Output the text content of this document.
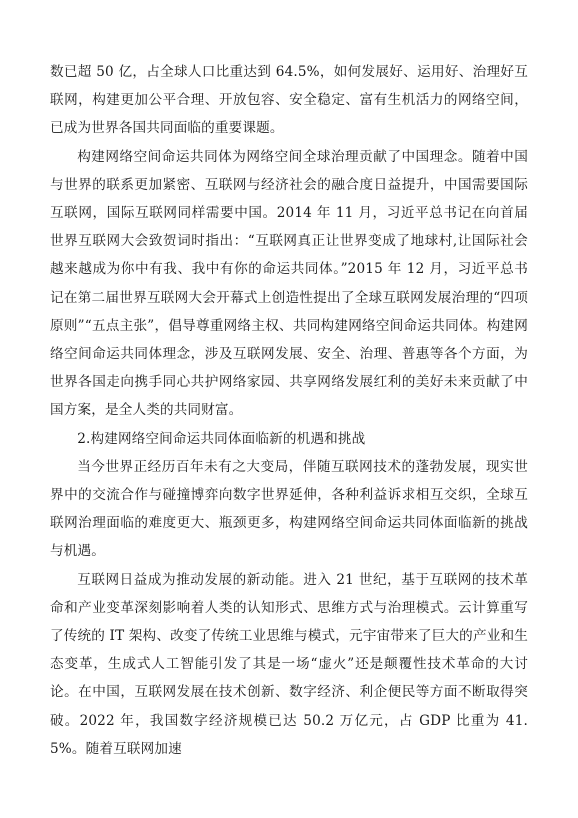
数已超 50 亿，占全球人口比重达到 64.5%，如何发展好、运用好、治理好互联网，构建更加公平合理、开放包容、安全稳定、富有生机活力的网络空间，已成为世界各国共同面临的重要课题。

构建网络空间命运共同体为网络空间全球治理贡献了中国理念。随着中国与世界的联系更加紧密、互联网与经济社会的融合度日益提升，中国需要国际互联网，国际互联网同样需要中国。2014 年 11 月，习近平总书记在向首届世界互联网大会致贺词时指出：“互联网真正让世界变成了地球村,让国际社会越来越成为你中有我、我中有你的命运共同体。”2015 年 12 月，习近平总书记在第二届世界互联网大会开幕式上创造性提出了全球互联网发展治理的“四项原则”“五点主张”，倡导尊重网络主权、共同构建网络空间命运共同体。构建网络空间命运共同体理念，涉及互联网发展、安全、治理、普惠等各个方面，为世界各国走向携手同心共护网络家园、共享网络发展红利的美好未来贡献了中国方案，是全人类的共同财富。

2.构建网络空间命运共同体面临新的机遇和挑战

当今世界正经历百年未有之大变局，伴随互联网技术的蓬勃发展，现实世界中的交流合作与碰撞博弈向数字世界延伸，各种利益诉求相互交织，全球互联网治理面临的难度更大、瓶颈更多，构建网络空间命运共同体面临新的挑战与机遇。

互联网日益成为推动发展的新动能。进入 21 世纪，基于互联网的技术革命和产业变革深刻影响着人类的认知形式、思维方式与治理模式。云计算重写了传统的 IT 架构、改变了传统工业思维与模式，元宇宙带来了巨大的产业和生态变革，生成式人工智能引发了其是一场“虚火”还是颠覆性技术革命的大讨论。在中国，互联网发展在技术创新、数字经济、利企便民等方面不断取得突破。2022 年，我国数字经济规模已达 50.2 万亿元，占 GDP 比重为 41.5%。随着互联网加速
